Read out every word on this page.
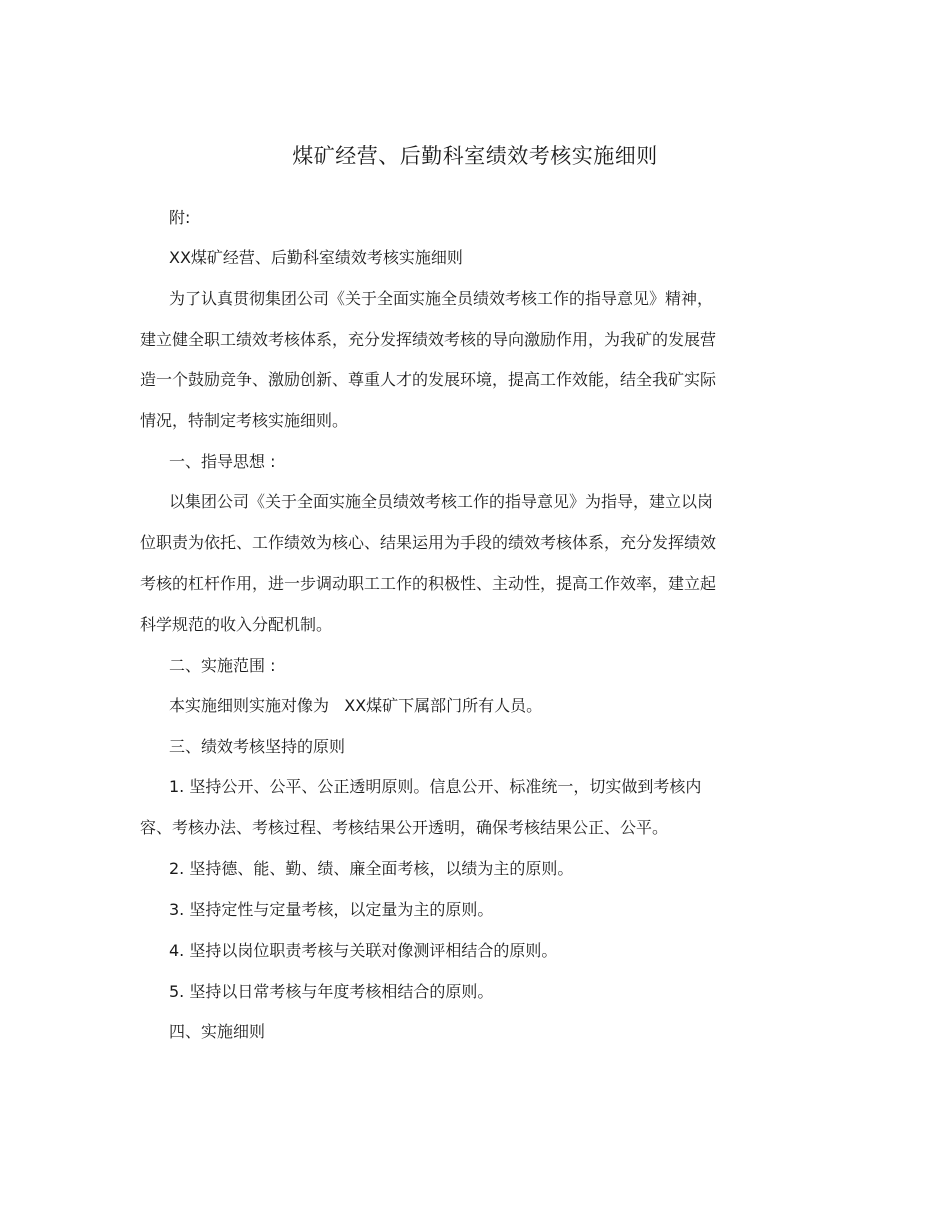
煤矿经营、后勤科室绩效考核实施细则
附:
XX煤矿经营、后勤科室绩效考核实施细则
为了认真贯彻集团公司《关于全面实施全员绩效考核工作的指导意见》精神，
建立健全职工绩效考核体系，充分发挥绩效考核的导向激励作用，为我矿的发展营
造一个鼓励竞争、激励创新、尊重人才的发展环境，提高工作效能，结全我矿实际
情况，特制定考核实施细则。
一、指导思想 :
以集团公司《关于全面实施全员绩效考核工作的指导意见》为指导，建立以岗
位职责为依托、工作绩效为核心、结果运用为手段的绩效考核体系，充分发挥绩效
考核的杠杆作用，进一步调动职工工作的积极性、主动性，提高工作效率，建立起
科学规范的收入分配机制。
二、实施范围 :
本实施细则实施对像为   XX煤矿下属部门所有人员。
三、绩效考核坚持的原则
1. 坚持公开、公平、公正透明原则。信息公开、标准统一，切实做到考核内
容、考核办法、考核过程、考核结果公开透明，确保考核结果公正、公平。
2. 坚持德、能、勤、绩、廉全面考核，以绩为主的原则。
3. 坚持定性与定量考核，以定量为主的原则。
4. 坚持以岗位职责考核与关联对像测评相结合的原则。
5. 坚持以日常考核与年度考核相结合的原则。
四、实施细则
